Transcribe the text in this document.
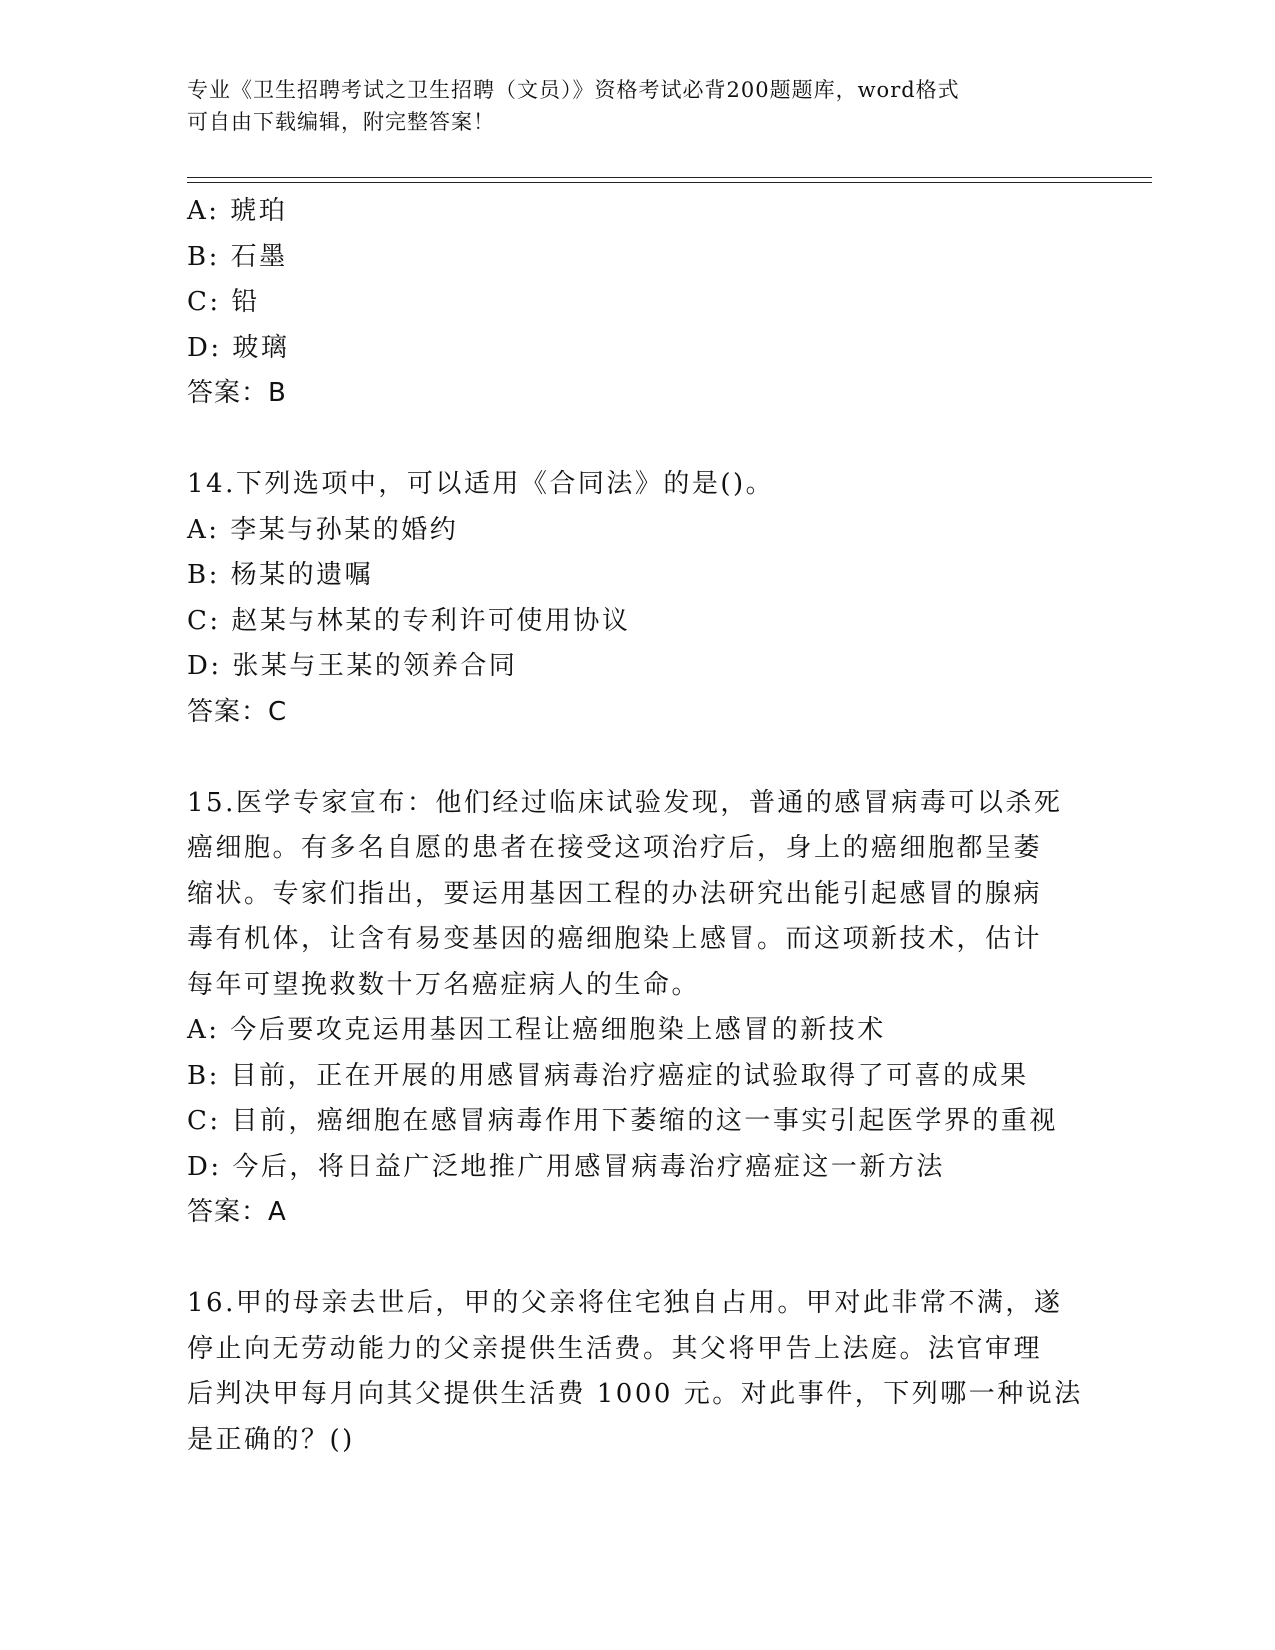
专业《卫生招聘考试之卫生招聘（文员）》资格考试必背200题题库，word格式
可自由下载编辑，附完整答案！
A: 琥珀
B: 石墨
C: 铅
D: 玻璃
答案：B
14.下列选项中，可以适用《合同法》的是()。
A: 李某与孙某的婚约
B: 杨某的遗嘱
C: 赵某与林某的专利许可使用协议
D: 张某与王某的领养合同
答案：C
15.医学专家宣布：他们经过临床试验发现，普通的感冒病毒可以杀死
癌细胞。有多名自愿的患者在接受这项治疗后，身上的癌细胞都呈萎
缩状。专家们指出，要运用基因工程的办法研究出能引起感冒的腺病
毒有机体，让含有易变基因的癌细胞染上感冒。而这项新技术，估计
每年可望挽救数十万名癌症病人的生命。
A: 今后要攻克运用基因工程让癌细胞染上感冒的新技术
B: 目前，正在开展的用感冒病毒治疗癌症的试验取得了可喜的成果
C: 目前，癌细胞在感冒病毒作用下萎缩的这一事实引起医学界的重视
D: 今后，将日益广泛地推广用感冒病毒治疗癌症这一新方法
答案：A
16.甲的母亲去世后，甲的父亲将住宅独自占用。甲对此非常不满，遂
停止向无劳动能力的父亲提供生活费。其父将甲告上法庭。法官审理
后判决甲每月向其父提供生活费 1000 元。对此事件，下列哪一种说法
是正确的？()
